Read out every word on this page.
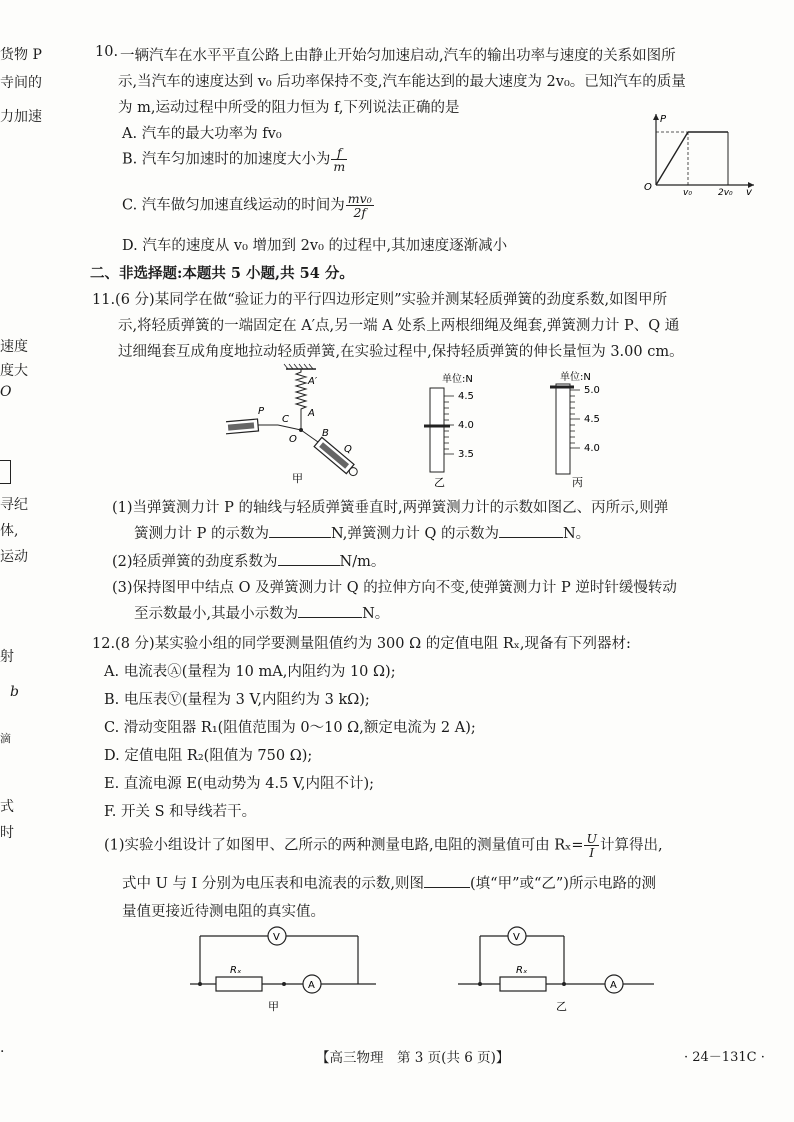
货物 P
寺间的
力加速
速度
度大
O
寻纪
体,
运动
射
b
滴
式
时
10. 一辆汽车在水平平直公路上由静止开始匀加速启动,汽车的输出功率与速度的关系如图所
示,当汽车的速度达到 v₀ 后功率保持不变,汽车能达到的最大速度为 2v₀。已知汽车的质量
为 m,运动过程中所受的阻力恒为 f,下列说法正确的是
A. 汽车的最大功率为 fv₀
B. 汽车匀加速时的加速度大小为 $\frac{f}{m}$
C. 汽车做匀加速直线运动的时间为 $\frac{\text{mv₀}}{2f}$
D. 汽车的速度从 v₀ 增加到 2v₀ 的过程中,其加速度逐渐减小
P
O	v₀	2v₀ v
二、非选择题:本题共 5 小题,共 54 分。
11.(6 分)某同学在做“验证力的平行四边形定则”实验并测某轻质弹簧的劲度系数,如图甲所
示,将轻质弹簧的一端固定在 A′点,另一端 A 处系上两根细绳及绳套,弹簧测力计 P、Q 通
过细绳套互成角度地拉动轻质弹簧,在实验过程中,保持轻质弹簧的伸长量恒为 3.00 cm。
A′
A
P
C
O
B
Q
甲
单位:N
4.5
4.0
3.5
乙
单位:N
5.0
4.5
4.0
丙
(1)当弹簧测力计 P 的轴线与轻质弹簧垂直时,两弹簧测力计的示数如图乙、丙所示,则弹
簧测力计 P 的示数为	N,弹簧测力计 Q 的示数为	N。
(2)轻质弹簧的劲度系数为	N/m。
(3)保持图甲中结点 O 及弹簧测力计 Q 的拉伸方向不变,使弹簧测力计 P 逆时针缓慢转动
至示数最小,其最小示数为	N。
12.(8 分)某实验小组的同学要测量阻值约为 300 Ω 的定值电阻 Rₓ,现备有下列器材:
A. 电流表Ⓐ(量程为 10 mA,内阻约为 10 Ω);
B. 电压表Ⓥ(量程为 3 V,内阻约为 3 kΩ);
C. 滑动变阻器 R₁(阻值范围为 0～10 Ω,额定电流为 2 A);
D. 定值电阻 R₂(阻值为 750 Ω);
E. 直流电源 E(电动势为 4.5 V,内阻不计);
F. 开关 S 和导线若干。
(1)实验小组设计了如图甲、乙所示的两种测量电路,电阻的测量值可由 $R_x= \frac{U}{I}$ 计算得出,
式中 U 与 I 分别为电压表和电流表的示数,则图	(填“甲”或“乙”)所示电路的测
量值更接近待测电阻的真实值。
V
Rₓ
A
甲
V
Rₓ
A
乙
【高三物理　第 3 页(共 6 页)】	· 24－131C ·
·
